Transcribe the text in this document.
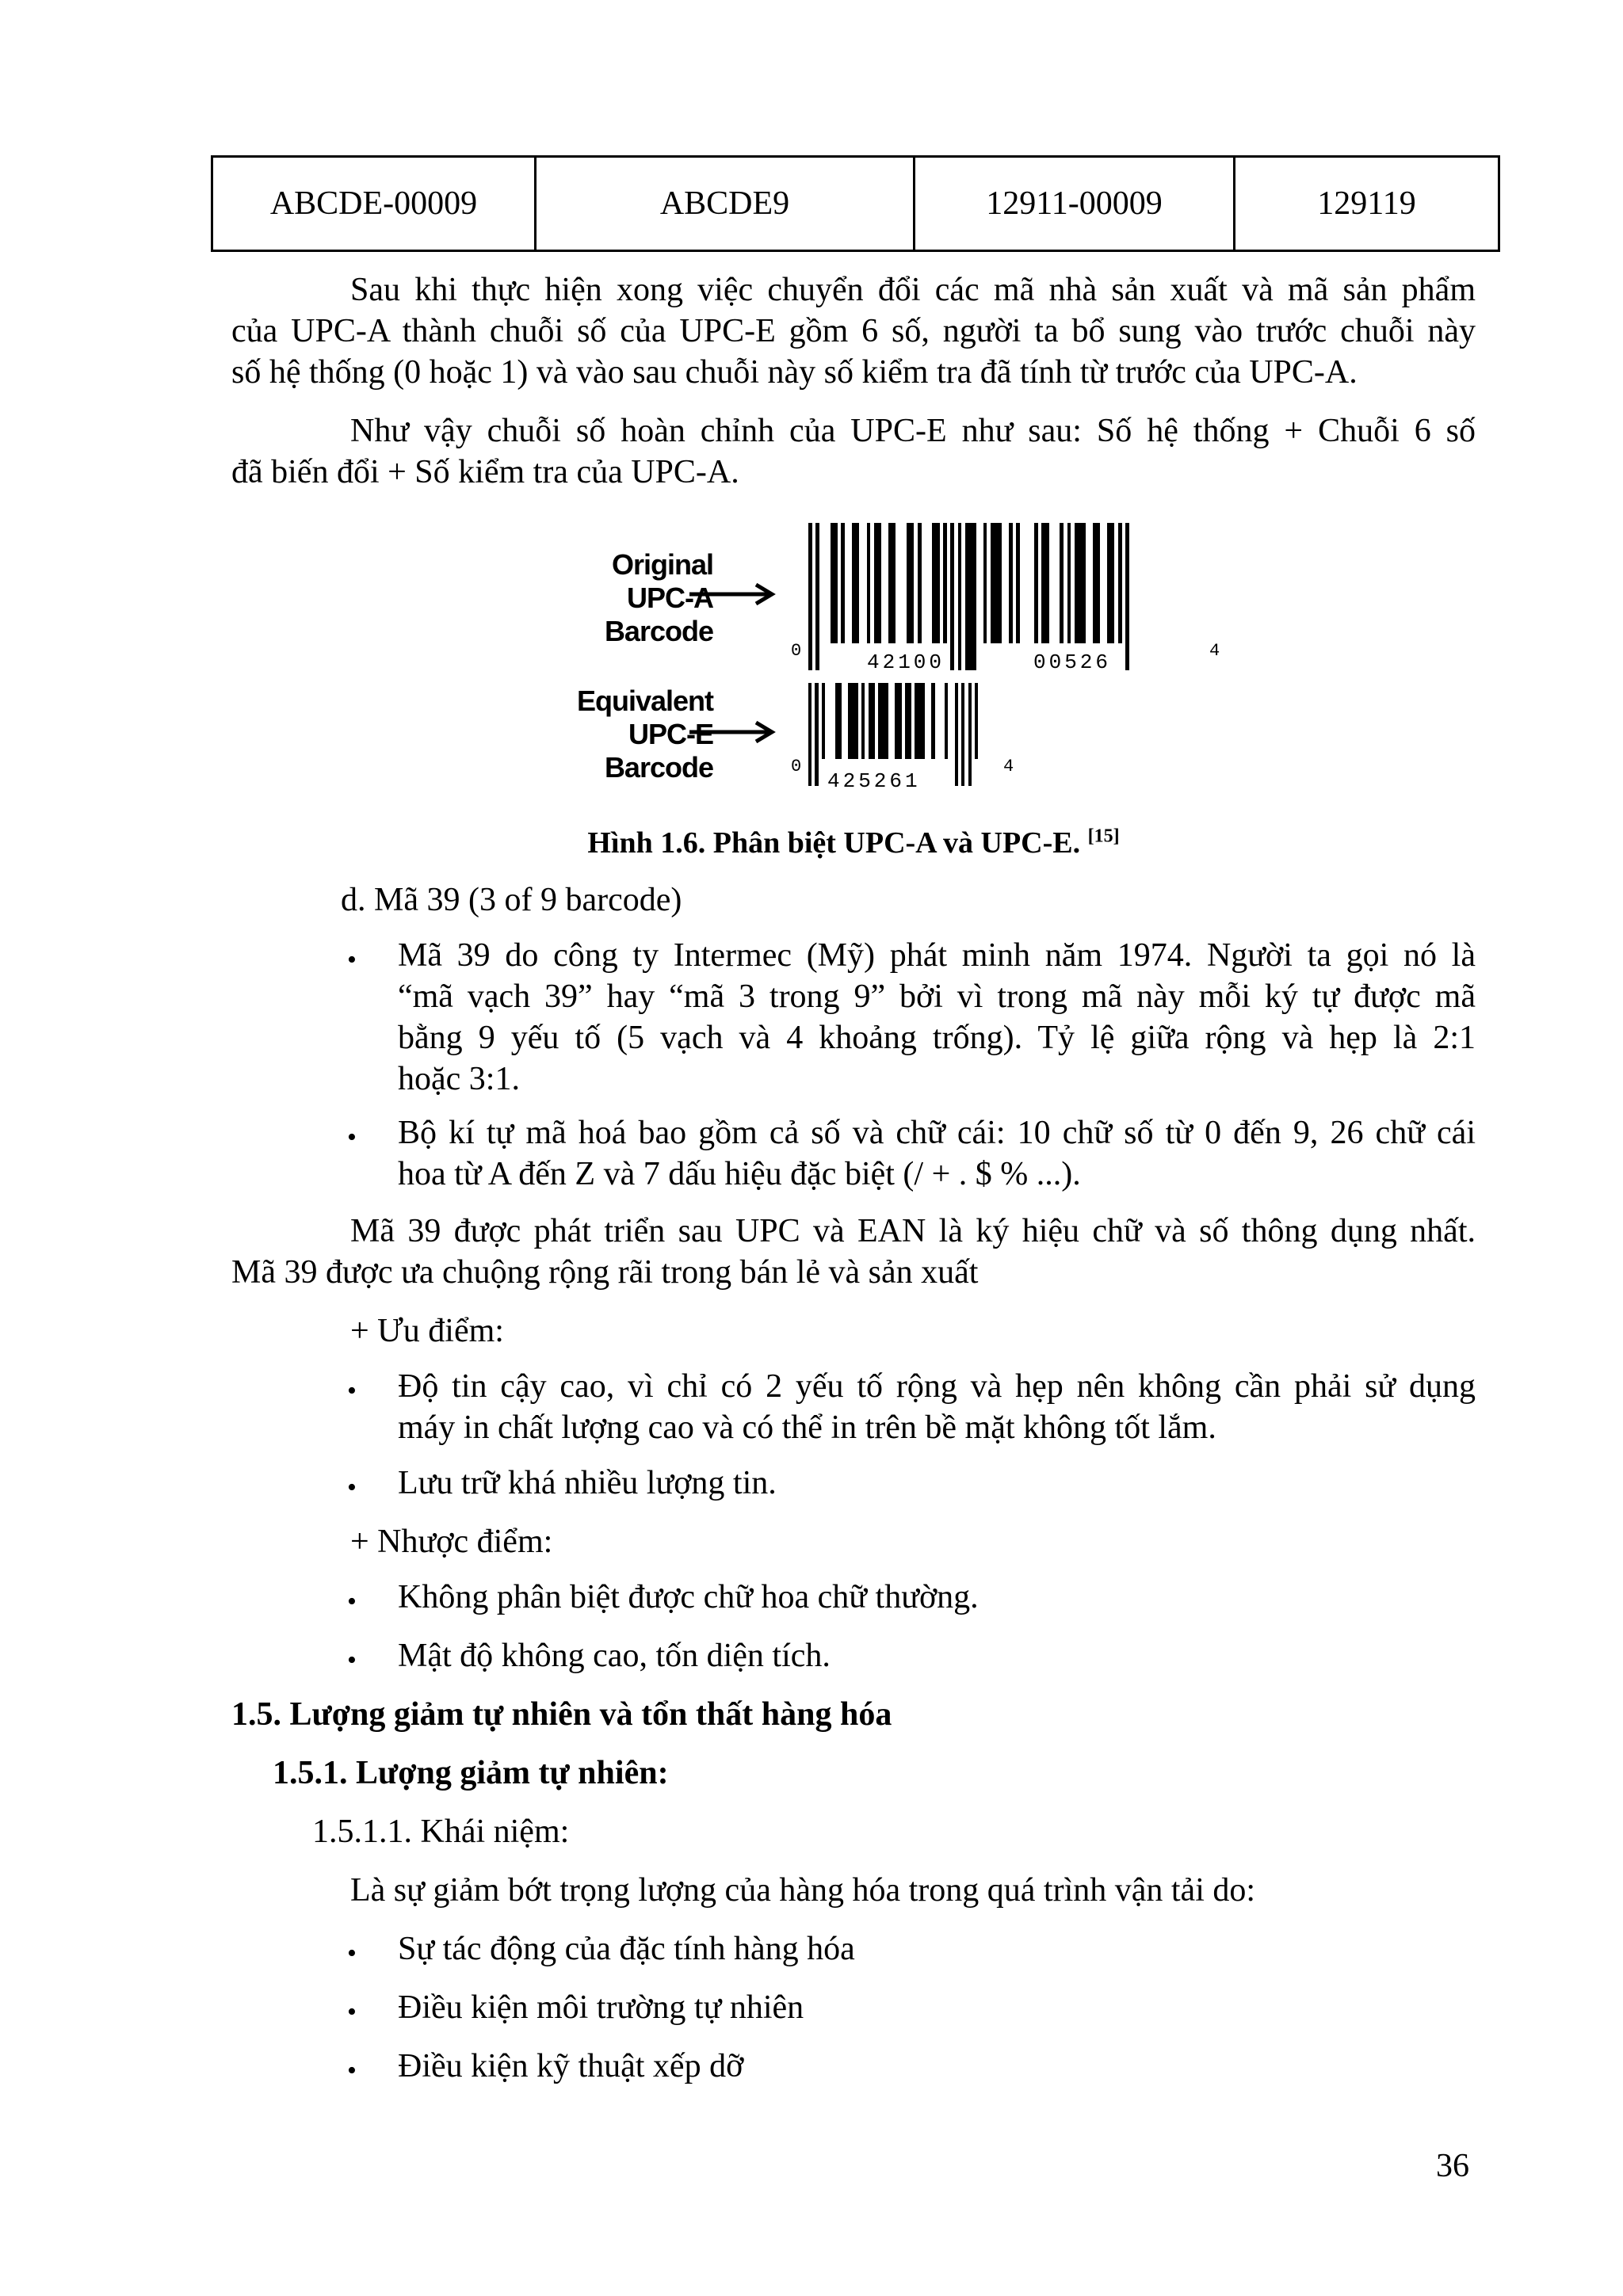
ABCDE-00009	ABCDE9	12911-00009	129119
Sau khi thực hiện xong việc chuyển đổi các mã nhà sản xuất và mã sản phẩm
của UPC-A thành chuỗi số của UPC-E gồm 6 số, người ta bổ sung vào trước chuỗi này
số hệ thống (0 hoặc 1) và vào sau chuỗi này số kiểm tra đã tính từ trước của UPC-A.
Như vậy chuỗi số hoàn chỉnh của UPC-E như sau: Số hệ thống + Chuỗi 6 số
đã biến đổi + Số kiểm tra của UPC-A.
Original
UPC-A
Barcode
0	42100	00526	4
Equivalent
UPC-E
Barcode	0
425261
4
Hình 1.6. Phân biệt UPC-A và UPC-E. [15]
d. Mã 39 (3 of 9 barcode)
• Mã 39 do công ty Intermec (Mỹ) phát minh năm 1974. Người ta gọi nó là
“mã vạch 39” hay “mã 3 trong 9” bởi vì trong mã này mỗi ký tự được mã
bằng 9 yếu tố (5 vạch và 4 khoảng trống). Tỷ lệ giữa rộng và hẹp là 2:1
hoặc 3:1.
• Bộ kí tự mã hoá bao gồm cả số và chữ cái: 10 chữ số từ 0 đến 9, 26 chữ cái
hoa từ A đến Z và 7 dấu hiệu đặc biệt (/ + . $ % ...).
Mã 39 được phát triển sau UPC và EAN là ký hiệu chữ và số thông dụng nhất.
Mã 39 được ưa chuộng rộng rãi trong bán lẻ và sản xuất
+ Ưu điểm:
• Độ tin cậy cao, vì chỉ có 2 yếu tố rộng và hẹp nên không cần phải sử dụng
máy in chất lượng cao và có thể in trên bề mặt không tốt lắm.
• Lưu trữ khá nhiều lượng tin.
+ Nhược điểm:
• Không phân biệt được chữ hoa chữ thường.
• Mật độ không cao, tốn diện tích.
1.5. Lượng giảm tự nhiên và tổn thất hàng hóa
1.5.1. Lượng giảm tự nhiên:
1.5.1.1. Khái niệm:
Là sự giảm bớt trọng lượng của hàng hóa trong quá trình vận tải do:
• Sự tác động của đặc tính hàng hóa
• Điều kiện môi trường tự nhiên
• Điều kiện kỹ thuật xếp dỡ
36
